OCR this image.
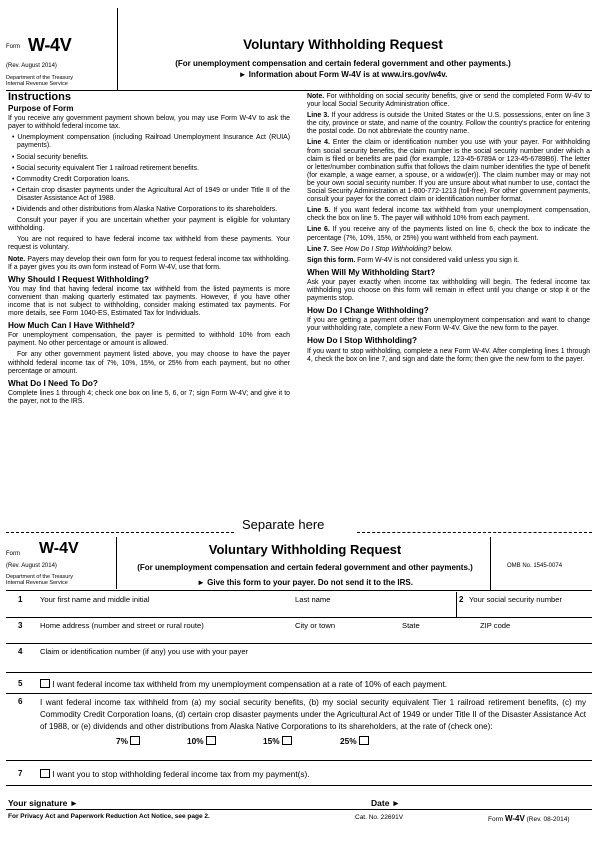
Form W-4V
(Rev. August 2014)
Department of the Treasury
Internal Revenue Service
Voluntary Withholding Request
(For unemployment compensation and certain federal government and other payments.)
► Information about Form W-4V is at www.irs.gov/w4v.
Instructions
Purpose of Form

If you receive any government payment shown below, you may use Form W-4V to ask the payer to withhold federal income tax.

• Unemployment compensation (including Railroad Unemployment Insurance Act (RUIA) payments).

• Social security benefits.

• Social security equivalent Tier 1 railroad retirement benefits.

• Commodity Credit Corporation loans.

• Certain crop disaster payments under the Agricultural Act of 1949 or under Title II of the Disaster Assistance Act of 1988.

• Dividends and other distributions from Alaska Native Corporations to its shareholders.

Consult your payer if you are uncertain whether your payment is eligible for voluntary withholding.

You are not required to have federal income tax withheld from these payments. Your request is voluntary.

Note. Payers may develop their own form for you to request federal income tax withholding. If a payer gives you its own form instead of Form W-4V, use that form.

Why Should I Request Withholding?

You may find that having federal income tax withheld from the listed payments is more convenient than making quarterly estimated tax payments. However, if you have other income that is not subject to withholding, consider making estimated tax payments. For more details, see Form 1040-ES, Estimated Tax for Individuals.

How Much Can I Have Withheld?

For unemployment compensation, the payer is permitted to withhold 10% from each payment. No other percentage or amount is allowed.

For any other government payment listed above, you may choose to have the payer withhold federal income tax of 7%, 10%, 15%, or 25% from each payment, but no other percentage or amount.

What Do I Need To Do?

Complete lines 1 through 4; check one box on line 5, 6, or 7; sign Form W-4V; and give it to the payer, not to the IRS.

Note. For withholding on social security benefits, give or send the completed Form W-4V to your local Social Security Administration office.

Line 3. If your address is outside the United States or the U.S. possessions, enter on line 3 the city, province or state, and name of the country. Follow the country's practice for entering the postal code. Do not abbreviate the country name.

Line 4. Enter the claim or identification number you use with your payer. For withholding from social security benefits, the claim number is the social security number under which a claim is filed or benefits are paid (for example, 123-45-6789A or 123-45-6789B6). The letter or letter/number combination suffix that follows the claim number identifies the type of benefit (for example, a wage earner, a spouse, or a widow(er)). The claim number may or may not be your own social security number. If you are unsure about what number to use, contact the Social Security Administration at 1-800-772-1213 (toll-free). For other government payments, consult your payer for the correct claim or identification number format.

Line 5. If you want federal income tax withheld from your unemployment compensation, check the box on line 5. The payer will withhold 10% from each payment.

Line 6. If you receive any of the payments listed on line 6, check the box to indicate the percentage (7%, 10%, 15%, or 25%) you want withheld from each payment.

Line 7. See How Do I Stop Withholding? below.

Sign this form. Form W-4V is not considered valid unless you sign it.

When Will My Withholding Start?

Ask your payer exactly when income tax withholding will begin. The federal income tax withholding you choose on this form will remain in effect until you change or stop it or the payments stop.

How Do I Change Withholding?

If you are getting a payment other than unemployment compensation and want to change your withholding rate, complete a new Form W-4V. Give the new form to the payer.

How Do I Stop Withholding?

If you want to stop withholding, complete a new Form W-4V. After completing lines 1 through 4, check the box on line 7, and sign and date the form; then give the new form to the payer.

Separate here
Form W-4V
(Rev. August 2014)
Department of the Treasury
Internal Revenue Service
Voluntary Withholding Request
(For unemployment compensation and certain federal government and other payments.)
► Give this form to your payer. Do not send it to the IRS.
OMB No. 1545-0074
1 Your first name and middle initial	Last name	2 Your social security number
3 Home address (number and street or rural route)	City or town	State	ZIP code
4 Claim or identification number (if any) you use with your payer
5	I want federal income tax withheld from my unemployment compensation at a rate of 10% of each payment.
6 I want federal income tax withheld from (a) my social security benefits, (b) my social security equivalent Tier 1 railroad retirement benefits, (c) my Commodity Credit Corporation loans, (d) certain crop disaster payments under the Agricultural Act of 1949 or under Title II of the Disaster Assistance Act of 1988, or (e) dividends and other distributions from Alaska Native Corporations to its shareholders, at the rate of (check one):
7%	10%	15%	25%
7	I want you to stop withholding federal income tax from my payment(s).
Your signature ►	Date ►
For Privacy Act and Paperwork Reduction Act Notice, see page 2.	Cat. No. 22691V	Form W-4V (Rev. 08-2014)
